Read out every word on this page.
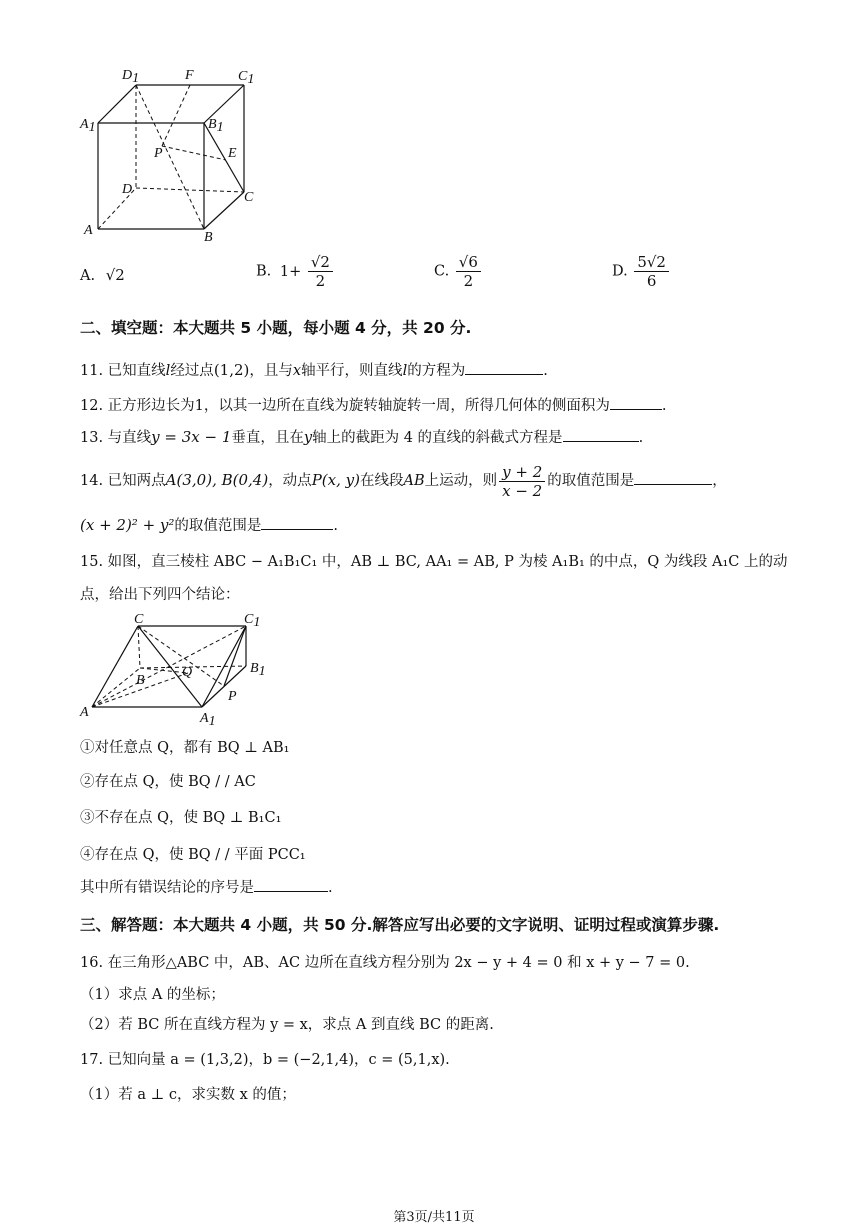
D1	F	C1
A1	B1
P	E
D
C
A	B
A. √2	B. $1+ \frac{√2}{2}$	C. $\frac{√6}{2}$	D. $\frac{5√2}{6}$
二、填空题：本大题共 5 小题，每小题 4 分，共 20 分.
11. 已知直线l经过点(1,2)，且与x轴平行，则直线l的方程为	.
12. 正方形边长为1，以其一边所在直线为旋转轴旋转一周，所得几何体的侧面积为	.
13. 与直线y = 3x − 1垂直，且在y轴上的截距为 4 的直线的斜截式方程是	.
14. 已知两点A(3,0), B(0,4)，动点P(x, y)在线段AB上运动，则 $\frac{y + 2}{x - 2}$ 的取值范围是	，
(x + 2)² + y²的取值范围是	.
15. 如图，直三棱柱 ABC − A₁B₁C₁ 中，AB ⊥ BC, AA₁ = AB, P 为棱 A₁B₁ 的中点，Q 为线段 A₁C 上的动
点，给出下列四个结论：
C	C1
B
Q	B1
A
P
A1
①对任意点 Q，都有 BQ ⊥ AB₁
②存在点 Q，使 BQ / / AC
③不存在点 Q，使 BQ ⊥ B₁C₁
④存在点 Q，使 BQ / / 平面 PCC₁
其中所有错误结论的序号是	.
三、解答题：本大题共 4 小题，共 50 分.解答应写出必要的文字说明、证明过程或演算步骤.
16. 在三角形△ABC 中，AB、AC 边所在直线方程分别为 2x − y + 4 = 0 和 x + y − 7 = 0.
（1）求点 A 的坐标；
（2）若 BC 所在直线方程为 y = x，求点 A 到直线 BC 的距离.
17. 已知向量 a = (1,3,2)，b = (−2,1,4)，c = (5,1,x).
（1）若 a ⊥ c，求实数 x 的值；
第3页/共11页
